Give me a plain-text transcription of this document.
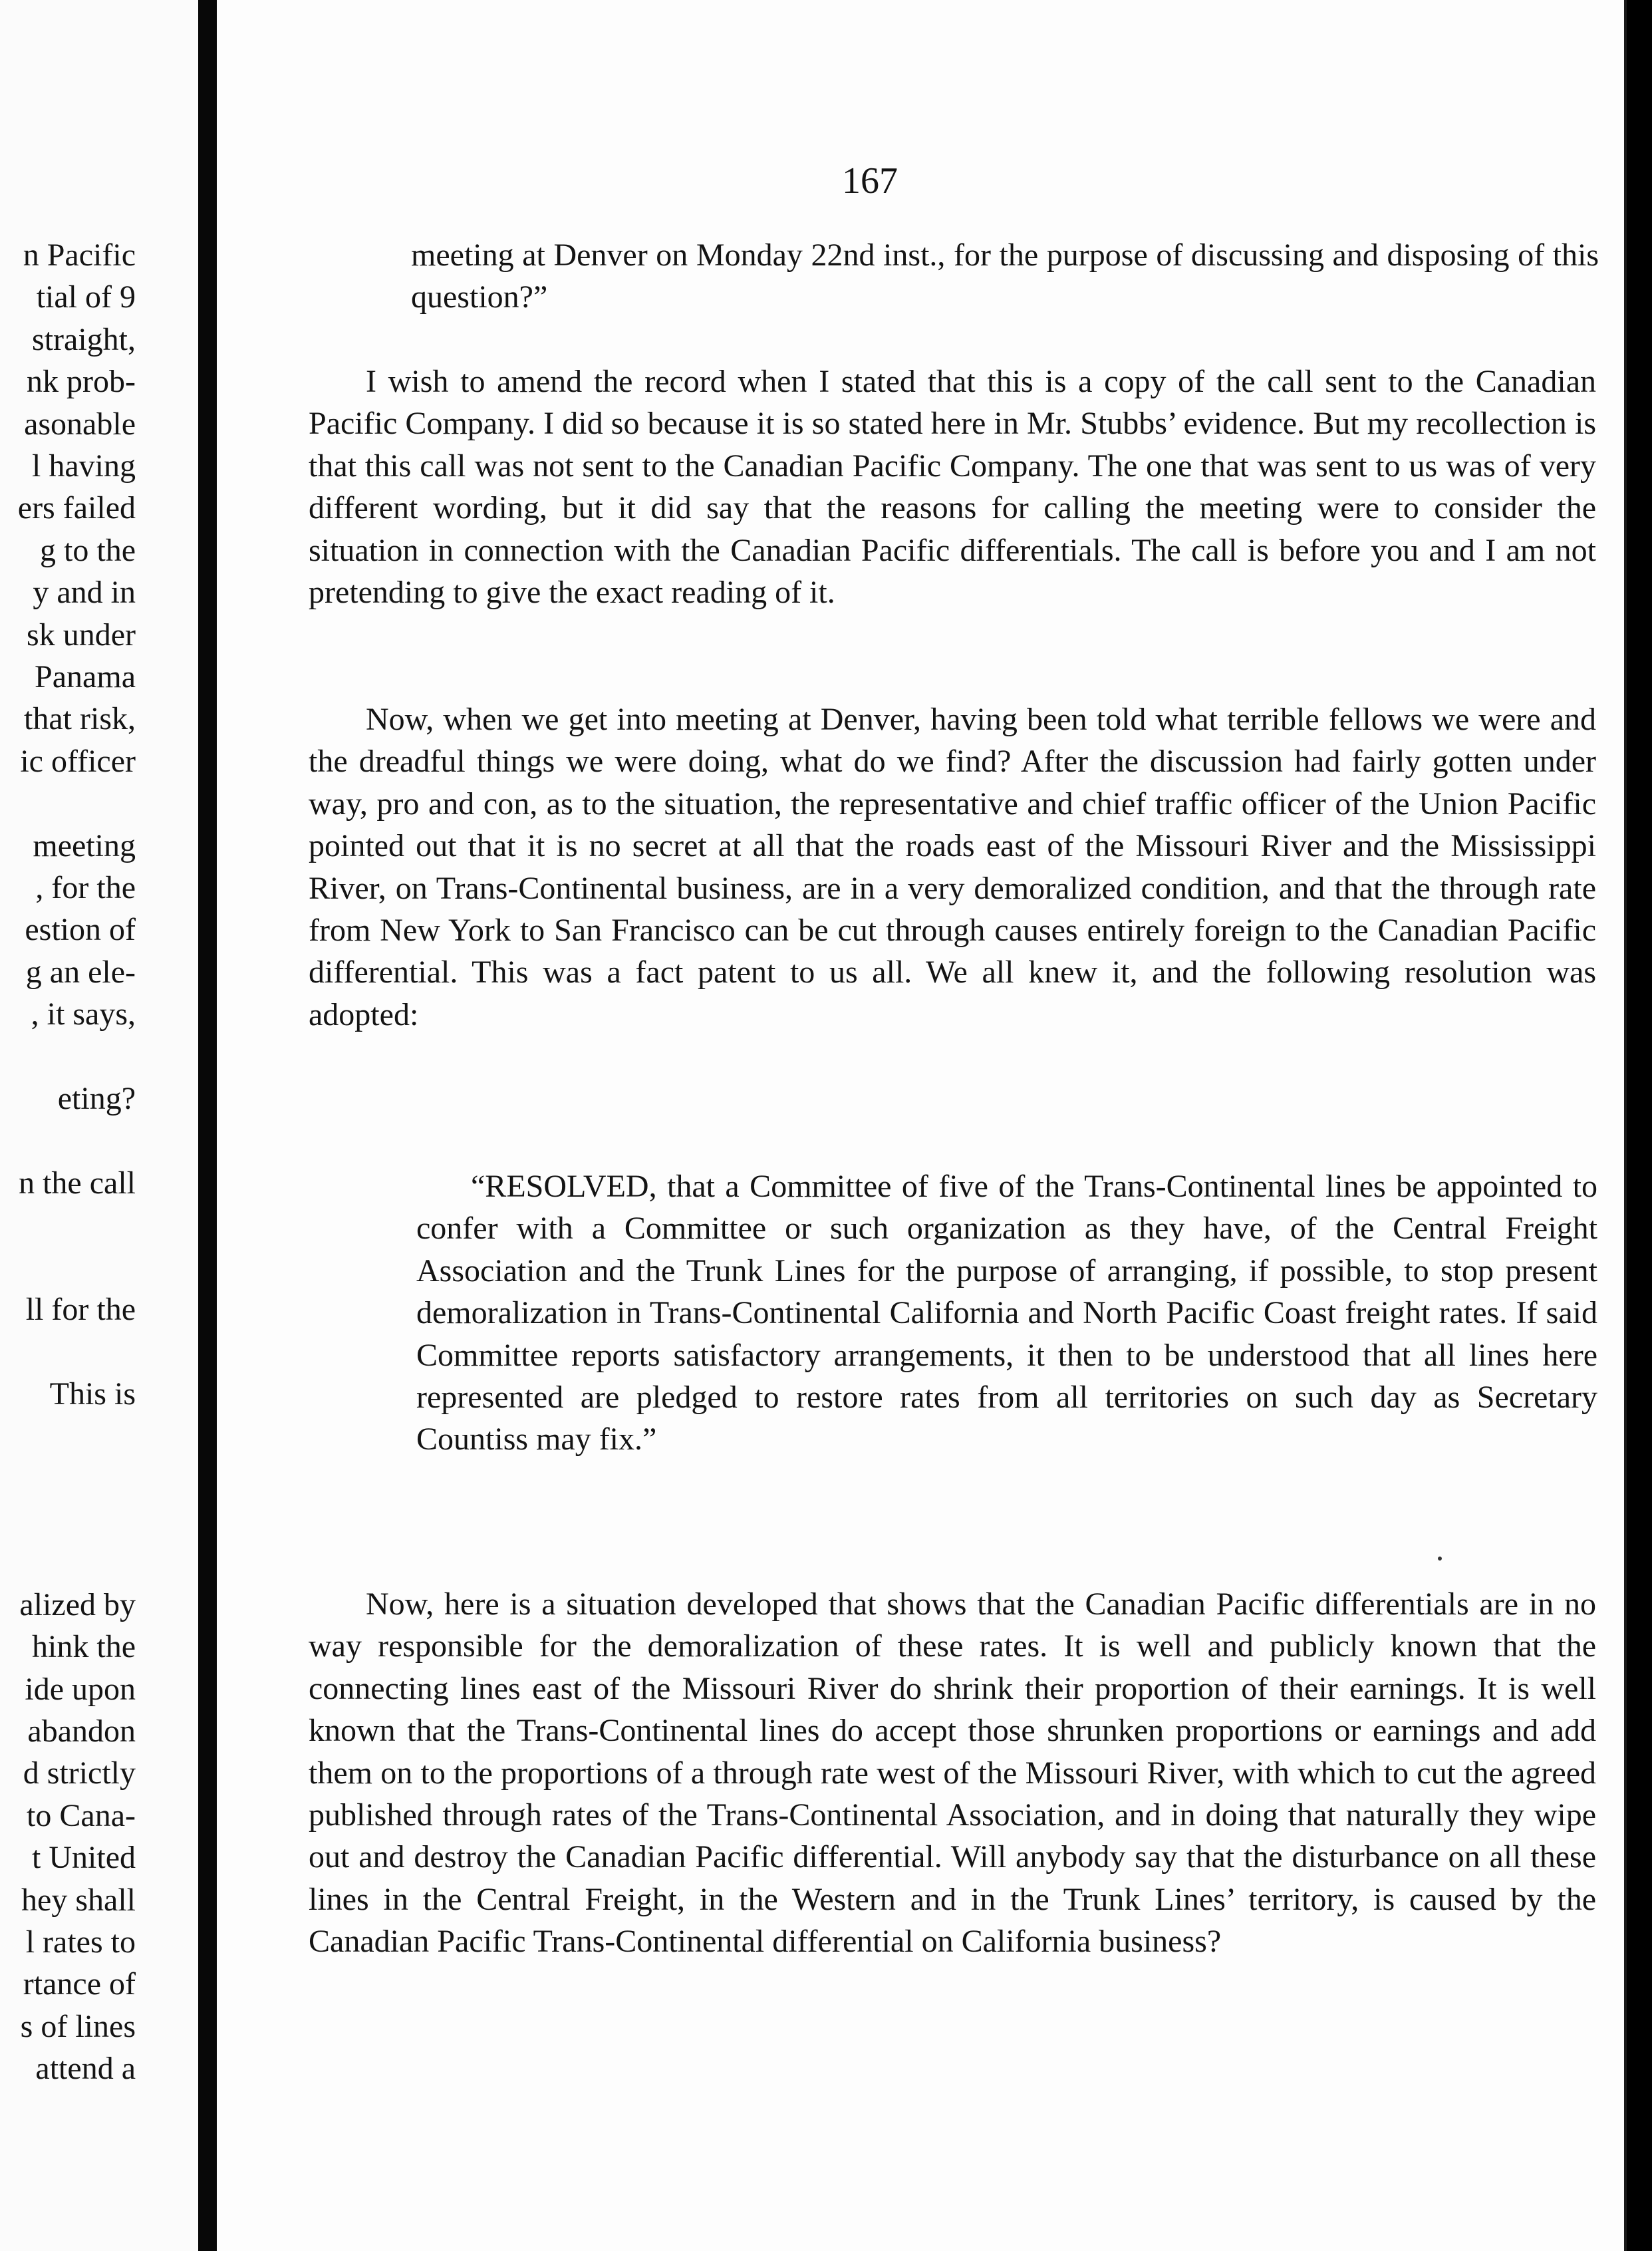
n Pacific
tial of 9
straight,
nk prob-
asonable
l having
ers failed
g to the
y and in
sk under
Panama
that risk,
ic officer
meeting
, for the
estion of
g an ele-
, it says,
eting?
n the call
ll for the
This is
alized by
hink the
ide upon
abandon
d strictly
to Cana-
t United
hey shall
l rates to
rtance of
s of lines
attend a
167

meeting at Denver on Monday 22nd inst., for the purpose of discussing and disposing of this question?”

I wish to amend the record when I stated that this is a copy of the call sent to the Canadian Pacific Company. I did so because it is so stated here in Mr. Stubbs’ evidence. But my recollection is that this call was not sent to the Canadian Pacific Company. The one that was sent to us was of very different wording, but it did say that the reasons for calling the meeting were to consider the situation in connection with the Canadian Pacific differentials. The call is before you and I am not pretending to give the exact reading of it.

Now, when we get into meeting at Denver, having been told what terrible fellows we were and the dreadful things we were doing, what do we find? After the discussion had fairly gotten under way, pro and con, as to the situation, the representative and chief traffic officer of the Union Pacific pointed out that it is no secret at all that the roads east of the Missouri River and the Mississippi River, on Trans-Continental business, are in a very demoralized condition, and that the through rate from New York to San Francisco can be cut through causes entirely foreign to the Canadian Pacific differential. This was a fact patent to us all. We all knew it, and the following resolution was adopted:

“RESOLVED, that a Committee of five of the Trans-Continental lines be appointed to confer with a Committee or such organization as they have, of the Central Freight Association and the Trunk Lines for the purpose of arranging, if possible, to stop present demoralization in Trans-Continental California and North Pacific Coast freight rates. If said Committee reports satisfactory arrangements, it then to be understood that all lines here represented are pledged to restore rates from all territories on such day as Secretary Countiss may fix.”

Now, here is a situation developed that shows that the Canadian Pacific differentials are in no way responsible for the demoralization of these rates. It is well and publicly known that the connecting lines east of the Missouri River do shrink their proportion of their earnings. It is well known that the Trans-Continental lines do accept those shrunken proportions or earnings and add them on to the proportions of a through rate west of the Missouri River, with which to cut the agreed published through rates of the Trans-Continental Association, and in doing that naturally they wipe out and destroy the Canadian Pacific differential. Will anybody say that the disturbance on all these lines in the Central Freight, in the Western and in the Trunk Lines’ territory, is caused by the Canadian Pacific Trans-Continental differential on California business?
